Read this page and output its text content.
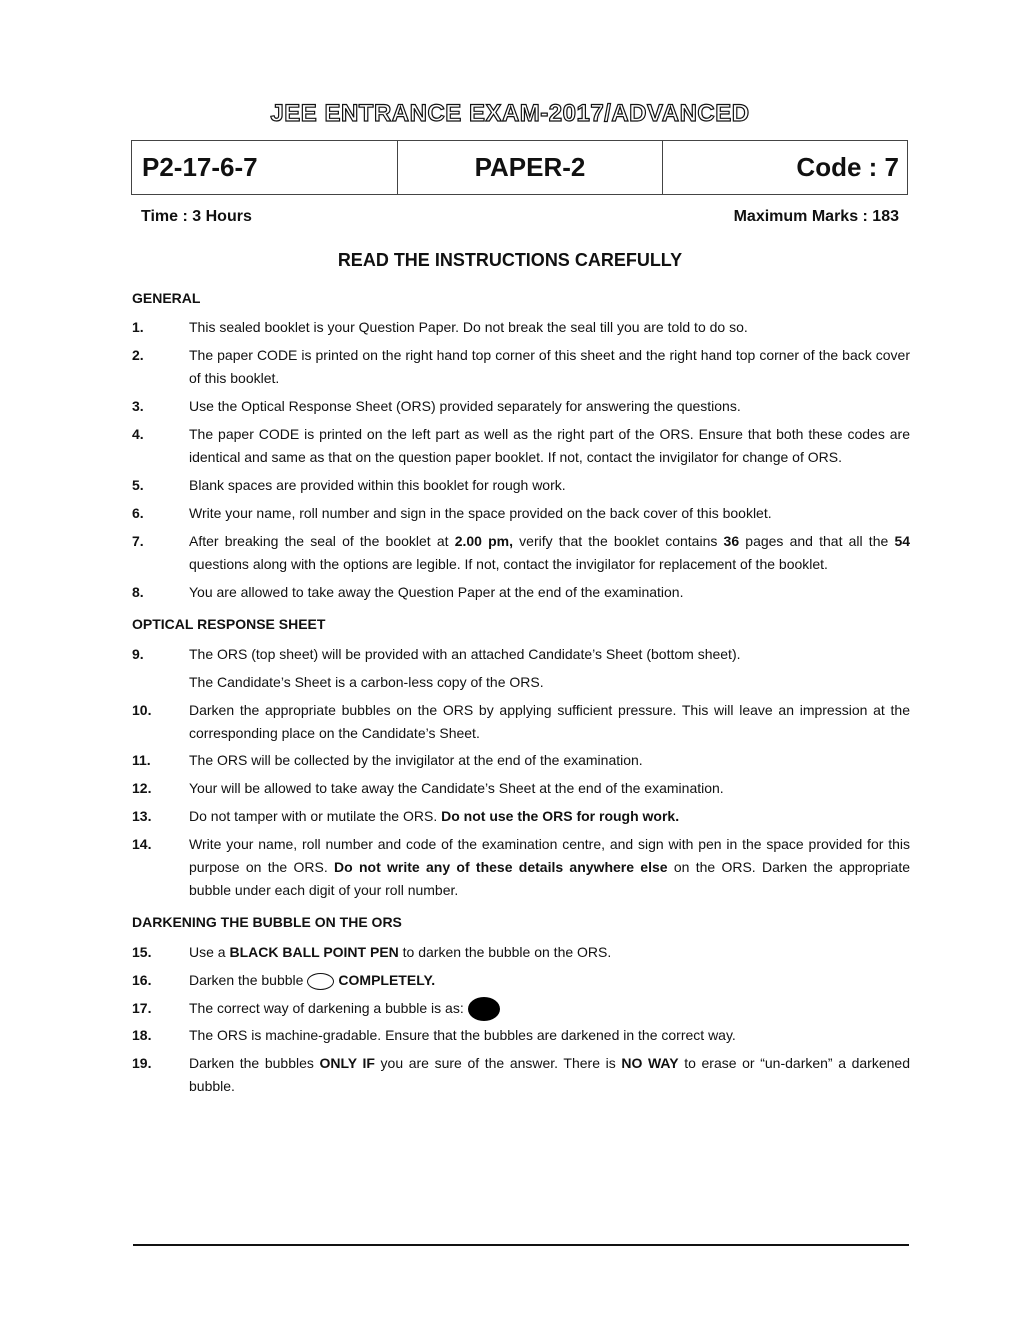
JEE ENTRANCE EXAM-2017/ADVANCED
P2-17-6-7	PAPER-2	Code : 7
Time : 3 Hours	Maximum Marks : 183
READ THE INSTRUCTIONS CAREFULLY
GENERAL
1.	This sealed booklet is your Question Paper. Do not break the seal till you are told to do so.
2.	The paper CODE is printed on the right hand top corner of this sheet and the right hand top corner of the back cover of this booklet.
3.	Use the Optical Response Sheet (ORS) provided separately for answering the questions.
4.	The paper CODE is printed on the left part as well as the right part of the ORS. Ensure that both these codes are identical and same as that on the question paper booklet. If not, contact the invigilator for change of ORS.
5.	Blank spaces are provided within this booklet for rough work.
6.	Write your name, roll number and sign in the space provided on the back cover of this booklet.
7.	After breaking the seal of the booklet at 2.00 pm, verify that the booklet contains 36 pages and that all the 54 questions along with the options are legible. If not, contact the invigilator for replacement of the booklet.
8.	You are allowed to take away the Question Paper at the end of the examination.
OPTICAL RESPONSE SHEET
9.	The ORS (top sheet) will be provided with an attached Candidate’s Sheet (bottom sheet).
The Candidate’s Sheet is a carbon-less copy of the ORS.
10.	Darken the appropriate bubbles on the ORS by applying sufficient pressure. This will leave an impression at the corresponding place on the Candidate’s Sheet.
11.	The ORS will be collected by the invigilator at the end of the examination.
12.	Your will be allowed to take away the Candidate’s Sheet at the end of the examination.
13.	Do not tamper with or mutilate the ORS. Do not use the ORS for rough work.
14.	Write your name, roll number and code of the examination centre, and sign with pen in the space provided for this purpose on the ORS. Do not write any of these details anywhere else on the ORS. Darken the appropriate bubble under each digit of your roll number.
DARKENING THE BUBBLE ON THE ORS
15.	Use a BLACK BALL POINT PEN to darken the bubble on the ORS.
16.	Darken the bubble	COMPLETELY.
17.	The correct way of darkening a bubble is as:
18.	The ORS is machine-gradable. Ensure that the bubbles are darkened in the correct way.
19.	Darken the bubbles ONLY IF you are sure of the answer. There is NO WAY to erase or “un-darken” a darkened bubble.
